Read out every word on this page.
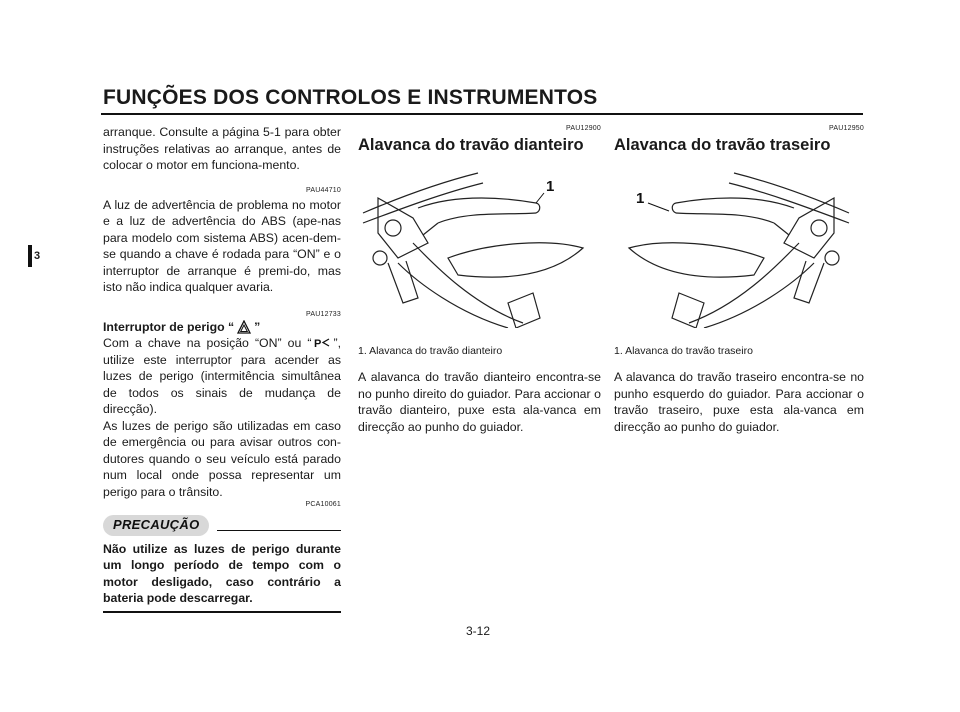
FUNÇÕES DOS CONTROLOS E INSTRUMENTOS
3

arranque. Consulte a página 5-1 para obter instruções relativas ao arranque, antes de colocar o motor em funciona-mento.

PAU44710

A luz de advertência de problema no motor e a luz de advertência do ABS (ape-nas para modelo com sistema ABS) acen-dem-se quando a chave é rodada para “ON” e o interruptor de arranque é premi-do, mas isto não indica qualquer avaria.

PAU12733

Interruptor de perigo “ ”

Com a chave na posição “ON” ou “ P ”, utilize este interruptor para acender as luzes de perigo (intermitência simultânea de todos os sinais de mudança de direcção).

As luzes de perigo são utilizadas em caso de emergência ou para avisar outros con-dutores quando o seu veículo está parado num local onde possa representar um perigo para o trânsito.

PCA10061
PRECAUÇÃO

Não utilize as luzes de perigo durante um longo período de tempo com o motor desligado, caso contrário a bateria pode descarregar.

PAU12900
Alavanca do travão dianteiro
1
1. Alavanca do travão dianteiro

A alavanca do travão dianteiro encontra-se no punho direito do guiador. Para accionar o travão dianteiro, puxe esta ala-vanca em direcção ao punho do guiador.

PAU12950
Alavanca do travão traseiro
1
1. Alavanca do travão traseiro

A alavanca do travão traseiro encontra-se no punho esquerdo do guiador. Para accionar o travão traseiro, puxe esta ala-vanca em direcção ao punho do guiador.

3-12
